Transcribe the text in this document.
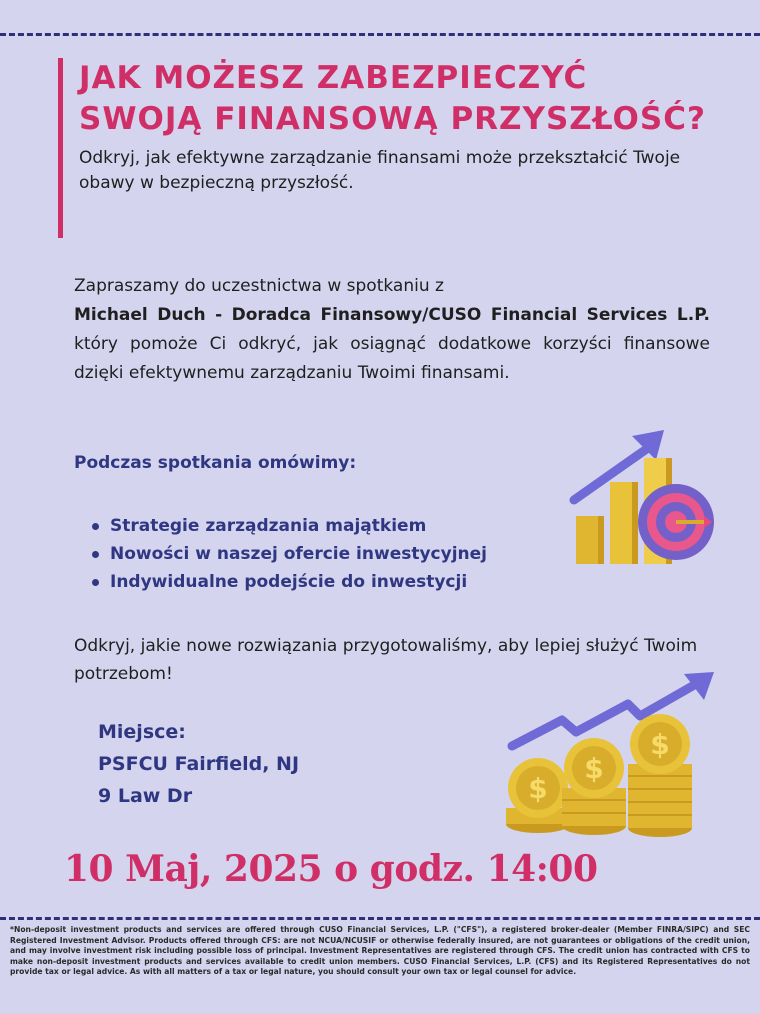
JAK MOŻESZ ZABEZPIECZYĆ SWOJĄ FINANSOWĄ PRZYSZŁOŚĆ?

Odkryj, jak efektywne zarządzanie finansami może przekształcić Twoje obawy w bezpieczną przyszłość.

Zapraszamy do uczestnictwa w spotkaniu z
Michael Duch - Doradca Finansowy/CUSO Financial Services L.P. który pomoże Ci odkryć, jak osiągnąć dodatkowe korzyści finansowe dzięki efektywnemu zarządzaniu Twoimi finansami.
Podczas spotkania omówimy:
Strategie zarządzania majątkiem
Nowości w naszej ofercie inwestycyjnej
Indywidualne podejście do inwestycji
Odkryj, jakie nowe rozwiązania przygotowaliśmy, aby lepiej służyć Twoim potrzebom!
Miejsce:
PSFCU Fairfield, NJ
9 Law Dr	$
$
$
10 Maj, 2025 o godz. 14:00

*Non-deposit investment products and services are offered through CUSO Financial Services, L.P. ("CFS"), a registered broker-dealer (Member FINRA/SIPC) and SEC Registered Investment Advisor. Products offered through CFS: are not NCUA/NCUSIF or otherwise federally insured, are not guarantees or obligations of the credit union, and may involve investment risk including possible loss of principal. Investment Representatives are registered through CFS. The credit union has contracted with CFS to make non-deposit investment products and services available to credit union members. CUSO Financial Services, L.P. (CFS) and its Registered Representatives do not provide tax or legal advice. As with all matters of a tax or legal nature, you should consult your own tax or legal counsel for advice.
